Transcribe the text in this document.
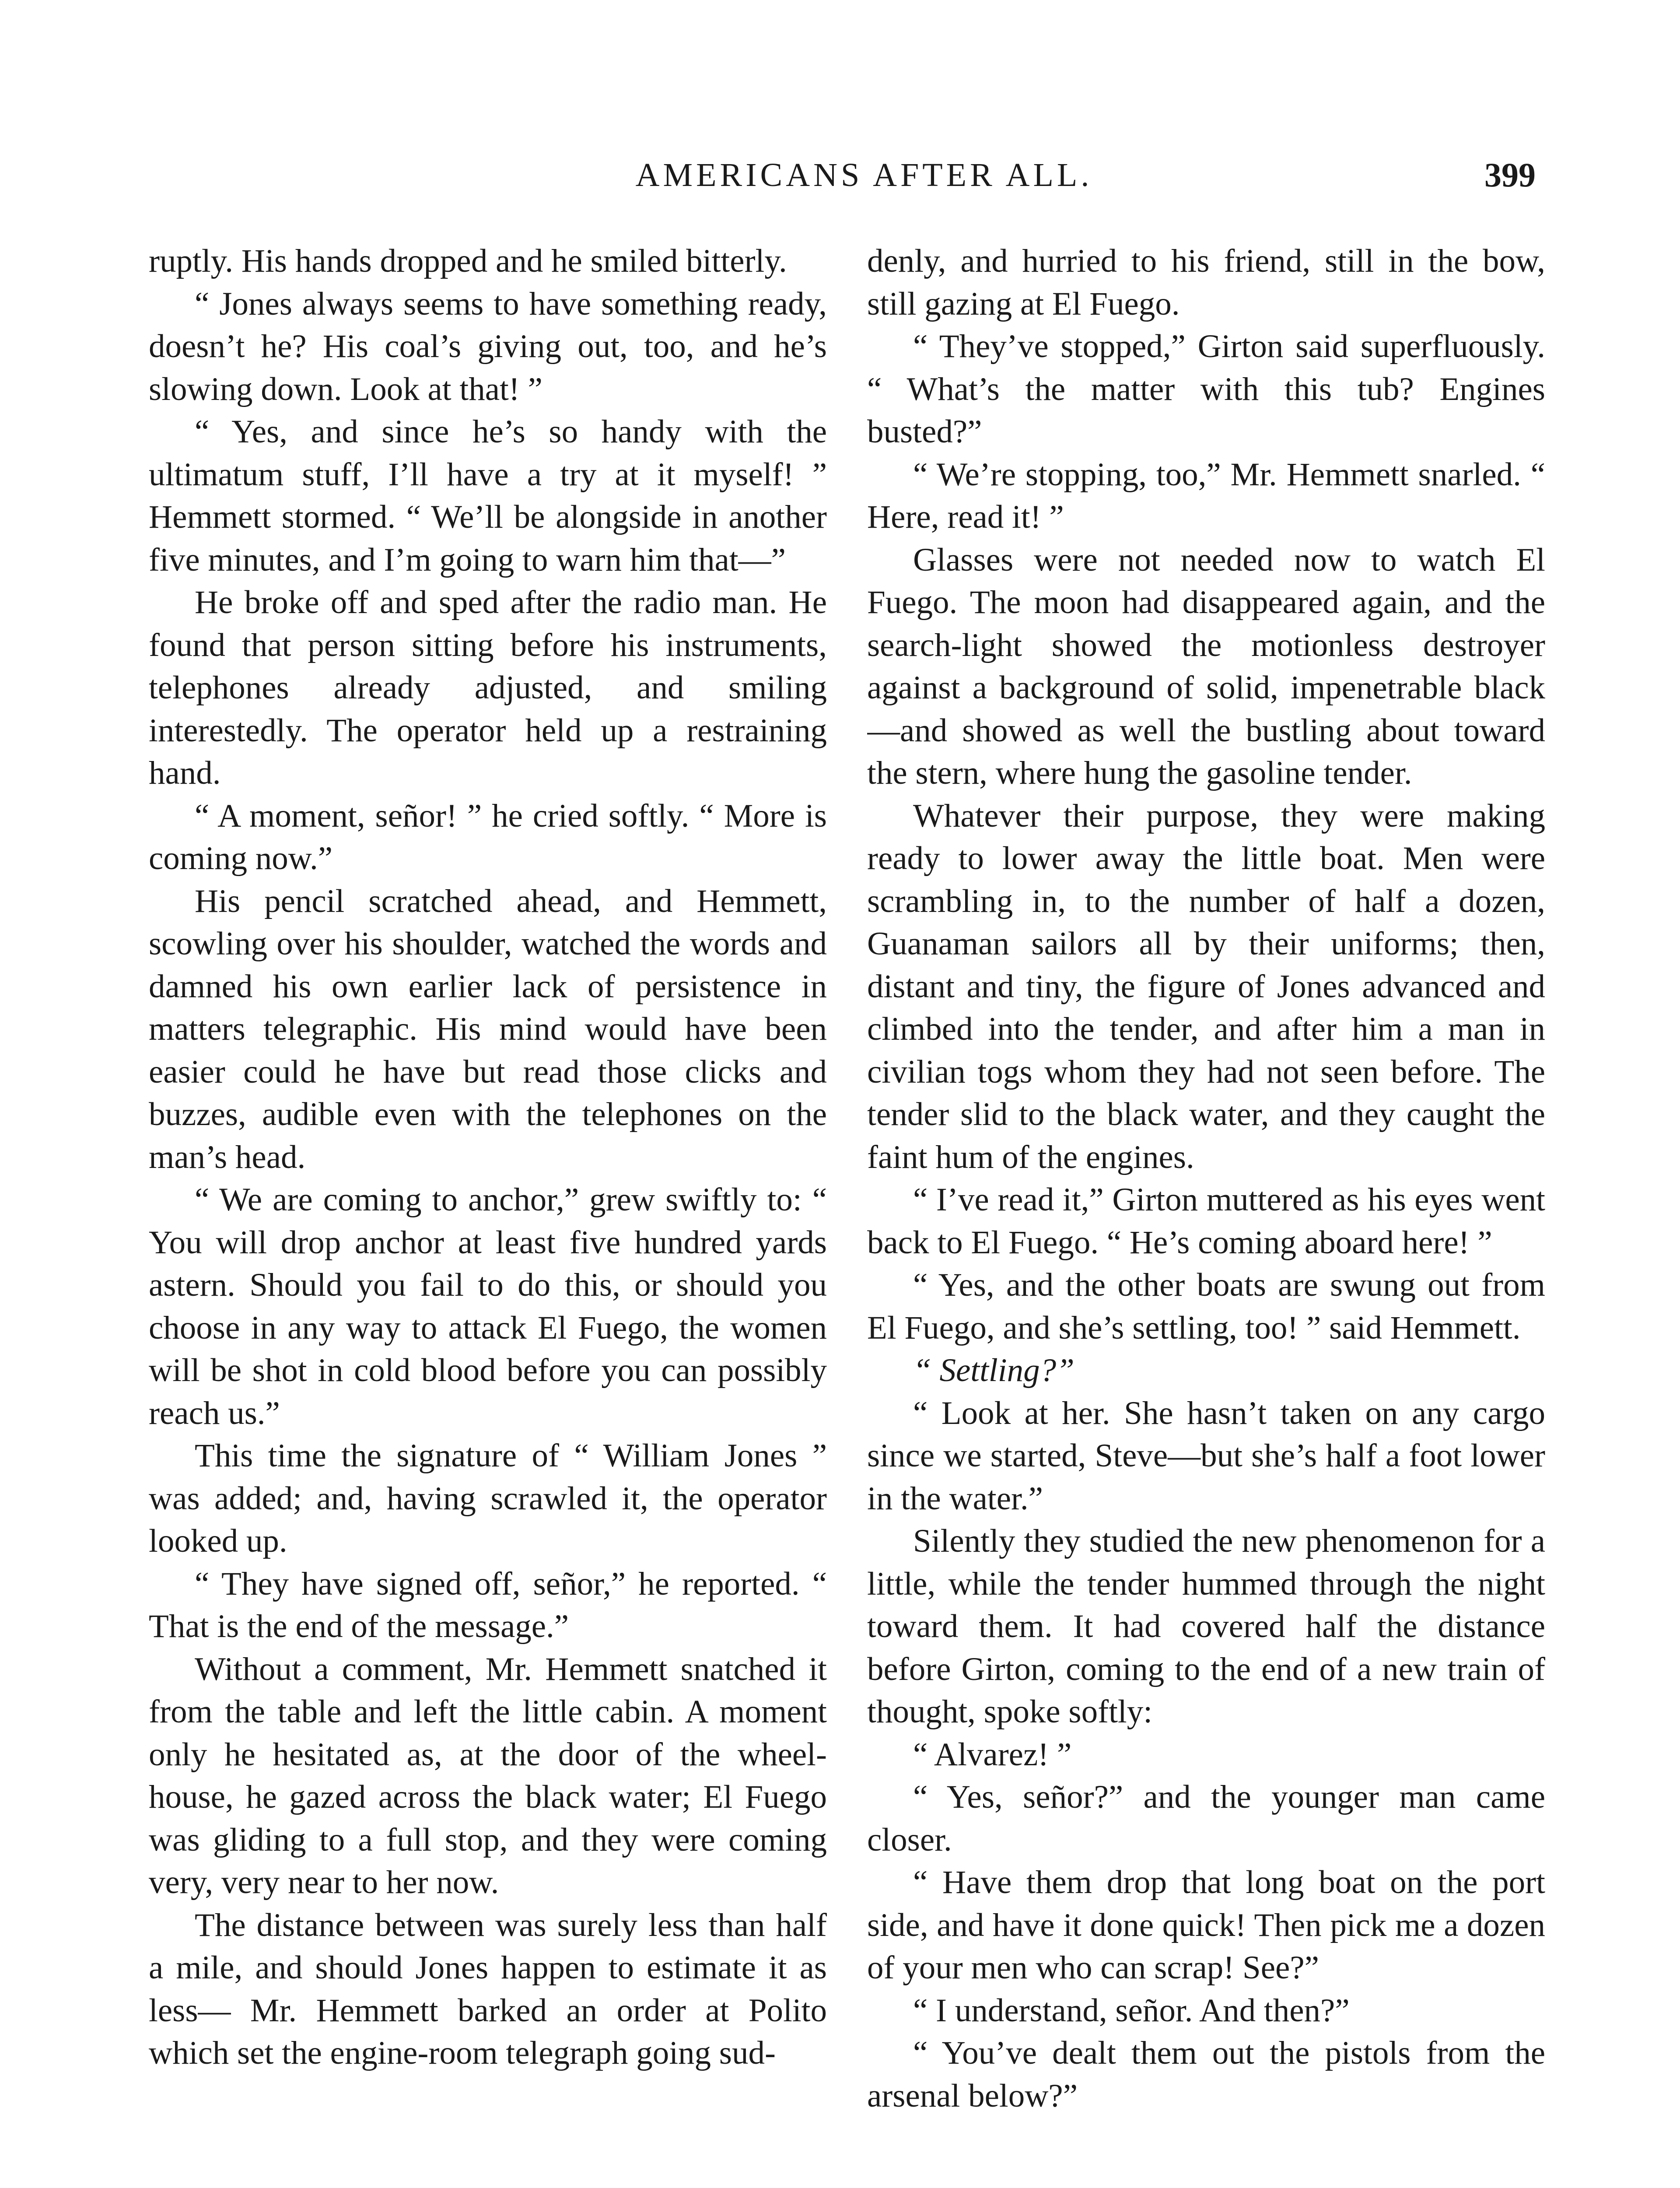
AMERICANS AFTER ALL.	399

ruptly. His hands dropped and he smiled bitterly.

“ Jones always seems to have something ready, doesn’t he? His coal’s giving out, too, and he’s slowing down. Look at that! ”

“ Yes, and since he’s so handy with the ultimatum stuff, I’ll have a try at it myself! ” Hemmett stormed. “ We’ll be alongside in another five minutes, and I’m going to warn him that—”

He broke off and sped after the radio man. He found that person sitting before his instruments, telephones already adjusted, and smiling interestedly. The operator held up a restraining hand.

“ A moment, señor! ” he cried softly. “ More is coming now.”

His pencil scratched ahead, and Hemmett, scowling over his shoulder, watched the words and damned his own earlier lack of persistence in matters telegraphic. His mind would have been easier could he have but read those clicks and buzzes, audible even with the telephones on the man’s head.

“ We are coming to anchor,” grew swiftly to: “ You will drop anchor at least five hundred yards astern. Should you fail to do this, or should you choose in any way to attack El Fuego, the women will be shot in cold blood before you can possibly reach us.”

This time the signature of “ William Jones ” was added; and, having scrawled it, the operator looked up.

“ They have signed off, señor,” he reported. “ That is the end of the message.”

Without a comment, Mr. Hemmett snatched it from the table and left the little cabin. A moment only he hesitated as, at the door of the wheel-house, he gazed across the black water; El Fuego was gliding to a full stop, and they were coming very, very near to her now.

The distance between was surely less than half a mile, and should Jones happen to estimate it as less— Mr. Hemmett barked an order at Polito which set the engine-room telegraph going sud-

denly, and hurried to his friend, still in the bow, still gazing at El Fuego.

“ They’ve stopped,” Girton said superfluously. “ What’s the matter with this tub? Engines busted?”

“ We’re stopping, too,” Mr. Hemmett snarled. “ Here, read it! ”

Glasses were not needed now to watch El Fuego. The moon had disappeared again, and the search-light showed the motionless destroyer against a background of solid, impenetrable black—and showed as well the bustling about toward the stern, where hung the gasoline tender.

Whatever their purpose, they were making ready to lower away the little boat. Men were scrambling in, to the number of half a dozen, Guanaman sailors all by their uniforms; then, distant and tiny, the figure of Jones advanced and climbed into the tender, and after him a man in civilian togs whom they had not seen before. The tender slid to the black water, and they caught the faint hum of the engines.

“ I’ve read it,” Girton muttered as his eyes went back to El Fuego. “ He’s coming aboard here! ”

“ Yes, and the other boats are swung out from El Fuego, and she’s settling, too! ” said Hemmett.

“ Settling?”

“ Look at her. She hasn’t taken on any cargo since we started, Steve—but she’s half a foot lower in the water.”

Silently they studied the new phenomenon for a little, while the tender hummed through the night toward them. It had covered half the distance before Girton, coming to the end of a new train of thought, spoke softly:

“ Alvarez! ”

“ Yes, señor?” and the younger man came closer.

“ Have them drop that long boat on the port side, and have it done quick! Then pick me a dozen of your men who can scrap! See?”

“ I understand, señor. And then?”

“ You’ve dealt them out the pistols from the arsenal below?”
